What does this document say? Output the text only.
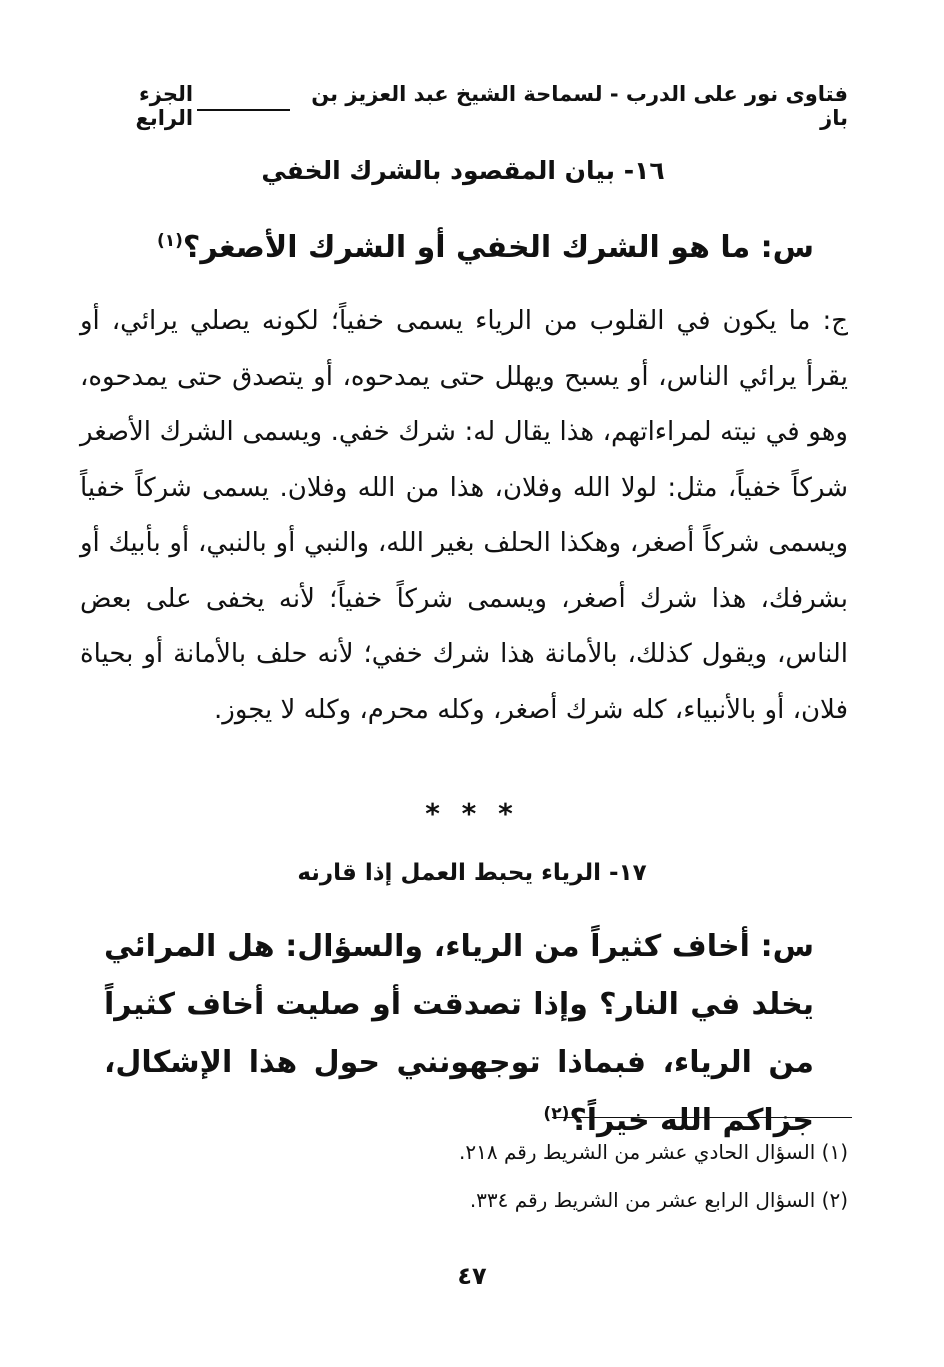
فتاوى نور على الدرب - لسماحة الشيخ عبد العزيز بن باز
الجزء الرابع
١٦- بيان المقصود بالشرك الخفي
س: ما هو الشرك الخفي أو الشرك الأصغر؟$^{(١)}$
ج: ما يكون في القلوب من الرياء يسمى خفياً؛ لكونه يصلي يرائي، أو يقرأ يرائي الناس، أو يسبح ويهلل حتى يمدحوه، أو يتصدق حتى يمدحوه، وهو في نيته لمراءاتهم، هذا يقال له: شرك خفي. ويسمى الشرك الأصغر شركاً خفياً، مثل: لولا الله وفلان، هذا من الله وفلان. يسمى شركاً خفياً ويسمى شركاً أصغر، وهكذا الحلف بغير الله، والنبي أو بالنبي، أو بأبيك أو بشرفك، هذا شرك أصغر، ويسمى شركاً خفياً؛ لأنه يخفى على بعض الناس، ويقول كذلك، بالأمانة هذا شرك خفي؛ لأنه حلف بالأمانة أو بحياة فلان، أو بالأنبياء، كله شرك أصغر، وكله محرم، وكله لا يجوز.
* * *
١٧- الرياء يحبط العمل إذا قارنه
س: أخاف كثيراً من الرياء، والسؤال: هل المرائي يخلد في النار؟ وإذا تصدقت أو صليت أخاف كثيراً من الرياء، فبماذا توجهونني حول هذا الإشكال، جزاكم الله خيراً؟$^{(٢)}$
(١) السؤال الحادي عشر من الشريط رقم ٢١٨.
(٢) السؤال الرابع عشر من الشريط رقم ٣٣٤.
٤٧
